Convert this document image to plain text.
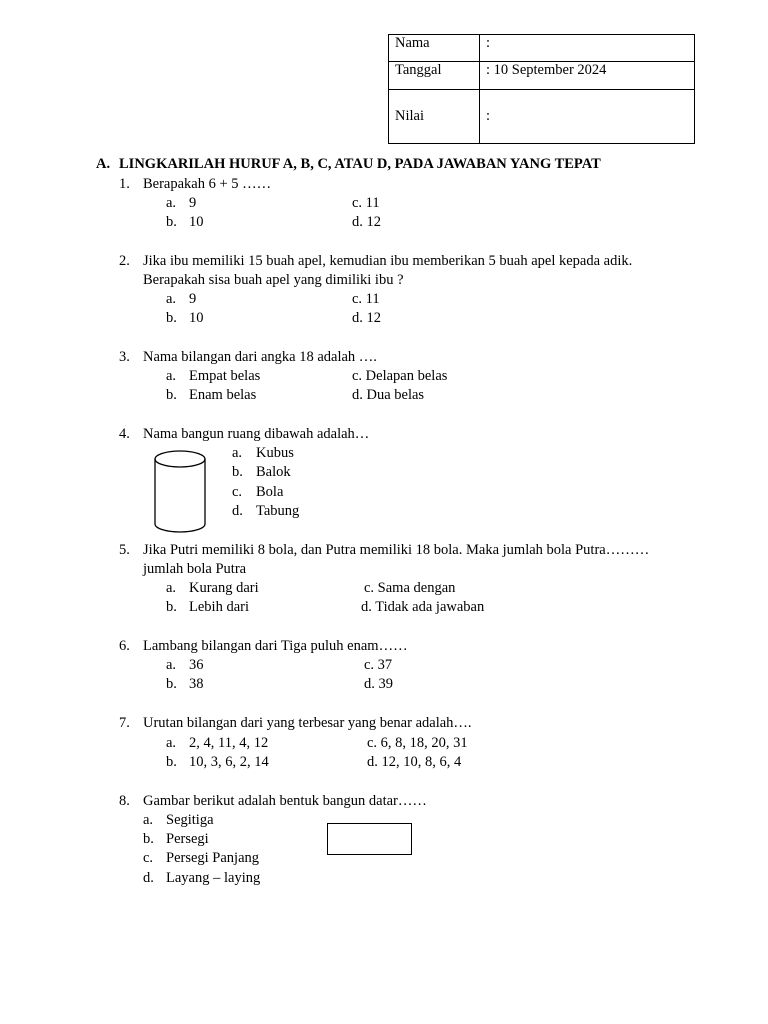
Nama	:
Tanggal	: 10 September 2024
Nilai	:
A. LINGKARILAH HURUF A, B, C, ATAU D, PADA JAWABAN YANG TEPAT
1. Berapakah 6 + 5 ……
a. 9
b. 10
c. 11
d. 12
2. Jika ibu memiliki 15 buah apel, kemudian ibu memberikan 5 buah apel kepada adik.
Berapakah sisa buah apel yang dimiliki ibu ?
a. 9
b. 10
c. 11
d. 12
3. Nama bilangan dari angka 18 adalah ….
a. Empat belas
b. Enam belas
c. Delapan belas
d. Dua belas
4. Nama bangun ruang dibawah adalah…
a. Kubus
b. Balok
c. Bola
d. Tabung
5. Jika Putri memiliki 8 bola, dan Putra memiliki 18 bola. Maka jumlah bola Putra………
jumlah bola Putra
a. Kurang dari
b. Lebih dari
c. Sama dengan
d. Tidak ada jawaban
6. Lambang bilangan dari Tiga puluh enam……
a. 36
b. 38
c. 37
d. 39
7. Urutan bilangan dari yang terbesar yang benar adalah….
a. 2, 4, 11, 4, 12
b. 10, 3, 6, 2, 14
c. 6, 8, 18, 20, 31
d. 12, 10, 8, 6, 4
8. Gambar berikut adalah bentuk bangun datar……
a. Segitiga
b. Persegi
c. Persegi Panjang
d. Layang – laying
